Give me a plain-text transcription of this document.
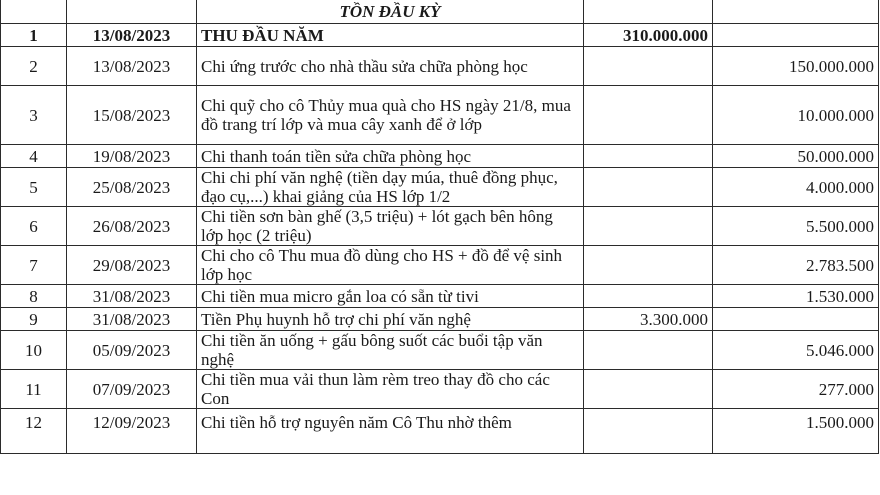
		TỒN ĐẦU KỲ		
1	13/08/2023	THU ĐẦU NĂM	310.000.000	
2	13/08/2023	Chi ứng trước cho nhà thầu sửa chữa phòng học		150.000.000
3	15/08/2023	Chi quỹ cho cô Thủy mua quà cho HS ngày 21/8, mua đồ trang trí lớp và mua cây xanh để ở lớp		10.000.000
4	19/08/2023	Chi thanh toán tiền sửa chữa phòng học		50.000.000
5	25/08/2023	Chi chi phí văn nghệ (tiền dạy múa, thuê đồng phục, đạo cụ,...) khai giảng của HS lớp 1/2		4.000.000
6	26/08/2023	Chi tiền sơn bàn ghế (3,5 triệu) + lót gạch bên hông lớp học (2 triệu)		5.500.000
7	29/08/2023	Chi cho cô Thu mua đồ dùng cho HS + đồ để vệ sinh lớp học		2.783.500
8	31/08/2023	Chi tiền mua micro gắn loa có sẵn từ tivi		1.530.000
9	31/08/2023	Tiền Phụ huynh hỗ trợ chi phí văn nghệ	3.300.000	
10	05/09/2023	Chi tiền ăn uống + gấu bông suốt các buổi tập văn nghệ		5.046.000
11	07/09/2023	Chi tiền mua vải thun làm rèm treo thay đồ cho các Con		277.000
12	12/09/2023	Chi tiền hỗ trợ nguyên năm Cô Thu nhờ thêm		1.500.000
